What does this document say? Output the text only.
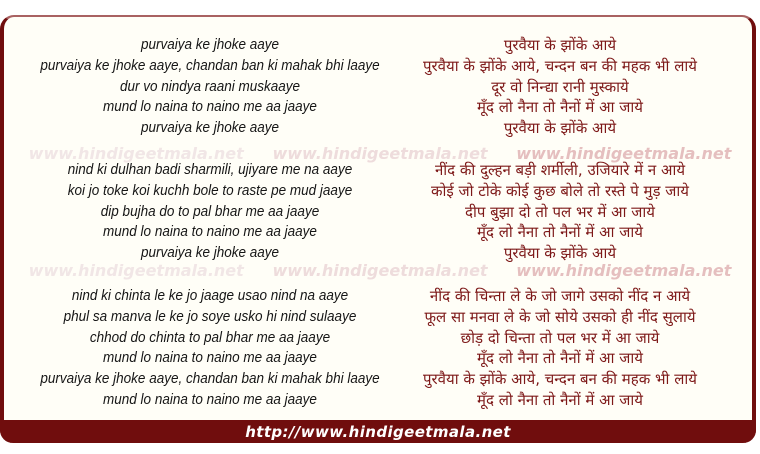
http://www.hindigeetmala.net
purvaiya ke jhoke aaye
purvaiya ke jhoke aaye, chandan ban ki mahak bhi laaye
dur vo nindya raani muskaaye
mund lo naina to naino me aa jaaye
purvaiya ke jhoke aaye
पुरवैया के झोंके आये
पुरवैया के झोंके आये, चन्दन बन की महक भी लाये
दूर वो निन्द्या रानी मुस्काये
मूँद लो नैना तो नैनों में आ जाये
पुरवैया के झोंके आये
www.hindigeetmala.net www.hindigeetmala.net www.hindigeetmala.net
nind ki dulhan badi sharmili, ujiyare me na aaye
koi jo toke koi kuchh bole to raste pe mud jaaye
dip bujha do to pal bhar me aa jaaye
mund lo naina to naino me aa jaaye
purvaiya ke jhoke aaye
नींद की दुल्हन बड़ी शर्मीली, उजियारे में न आये
कोई जो टोके कोई कुछ बोले तो रस्ते पे मुड़ जाये
दीप बुझा दो तो पल भर में आ जाये
मूँद लो नैना तो नैनों में आ जाये
पुरवैया के झोंके आये
www.hindigeetmala.net www.hindigeetmala.net www.hindigeetmala.net
nind ki chinta le ke jo jaage usao nind na aaye
phul sa manva le ke jo soye usko hi nind sulaaye
chhod do chinta to pal bhar me aa jaaye
mund lo naina to naino me aa jaaye
purvaiya ke jhoke aaye, chandan ban ki mahak bhi laaye
mund lo naina to naino me aa jaaye
नींद की चिन्ता ले के जो जागे उसको नींद न आये
फूल सा मनवा ले के जो सोये उसको ही नींद सुलाये
छोड़ दो चिन्ता तो पल भर में आ जाये
मूँद लो नैना तो नैनों में आ जाये
पुरवैया के झोंके आये, चन्दन बन की महक भी लाये
मूँद लो नैना तो नैनों में आ जाये
